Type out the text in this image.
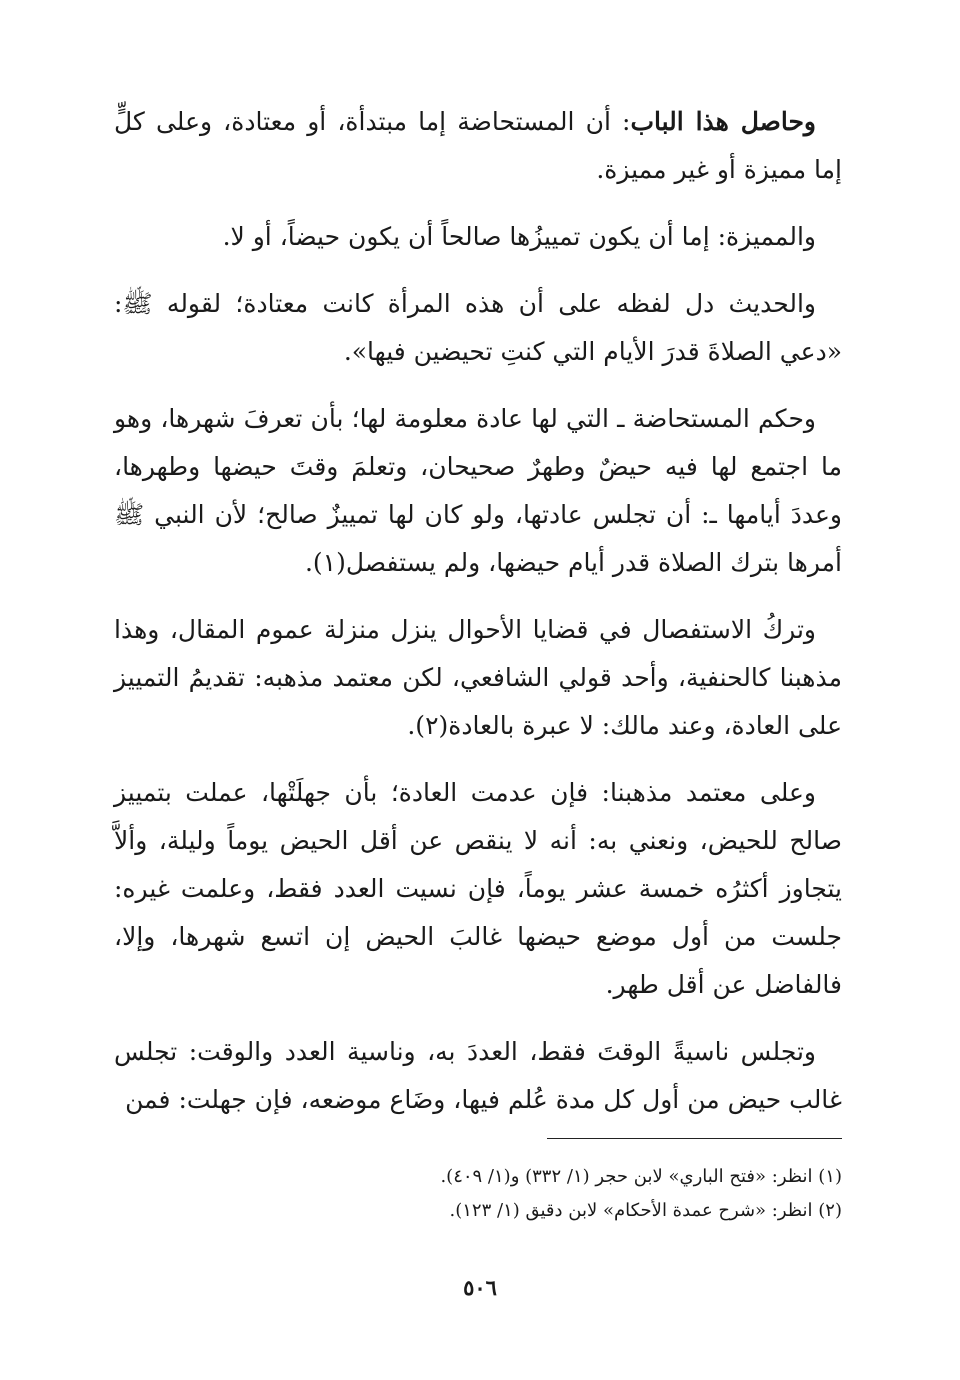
وحاصل هذا الباب: أن المستحاضة إما مبتدأة، أو معتادة، وعلى كلٍّ إما مميزة أو غير مميزة.

والمميزة: إما أن يكون تمييزُها صالحاً أن يكون حيضاً، أو لا.

والحديث دل لفظه على أن هذه المرأة كانت معتادة؛ لقوله ﷺ: «دعي الصلاةَ قدرَ الأيام التي كنتِ تحيضين فيها».

وحكم المستحاضة ـ التي لها عادة معلومة لها؛ بأن تعرفَ شهرها، وهو ما اجتمع لها فيه حيضٌ وطهرٌ صحيحان، وتعلمَ وقتَ حيضها وطهرها، وعددَ أيامها ـ: أن تجلس عادتها، ولو كان لها تمييزٌ صالح؛ لأن النبي ﷺ أمرها بترك الصلاة قدر أيام حيضها، ولم يستفصل(١).

وتركُ الاستفصال في قضايا الأحوال ينزل منزلة عموم المقال، وهذا مذهبنا كالحنفية، وأحد قولي الشافعي، لكن معتمد مذهبه: تقديمُ التمييز على العادة، وعند مالك: لا عبرة بالعادة(٢).

وعلى معتمد مذهبنا: فإن عدمت العادة؛ بأن جهلَتْها، عملت بتمييز صالح للحيض، ونعني به: أنه لا ينقص عن أقل الحيض يوماً وليلة، وألاَّ يتجاوز أكثرُه خمسة عشر يوماً، فإن نسيت العدد فقط، وعلمت غيره: جلست من أول موضع حيضها غالبَ الحيض إن اتسع شهرها، وإلا، فالفاضل عن أقل طهر.

وتجلس ناسيةً الوقتَ فقط، العددَ به، وناسية العدد والوقت: تجلس غالب حيض من أول كل مدة عُلم فيها، وضَاع موضعه، فإن جهلت: فمن

(١) انظر: «فتح الباري» لابن حجر (١/ ٣٣٢) و(١/ ٤٠٩).

(٢) انظر: «شرح عمدة الأحكام» لابن دقيق (١/ ١٢٣).

٥٠٦
